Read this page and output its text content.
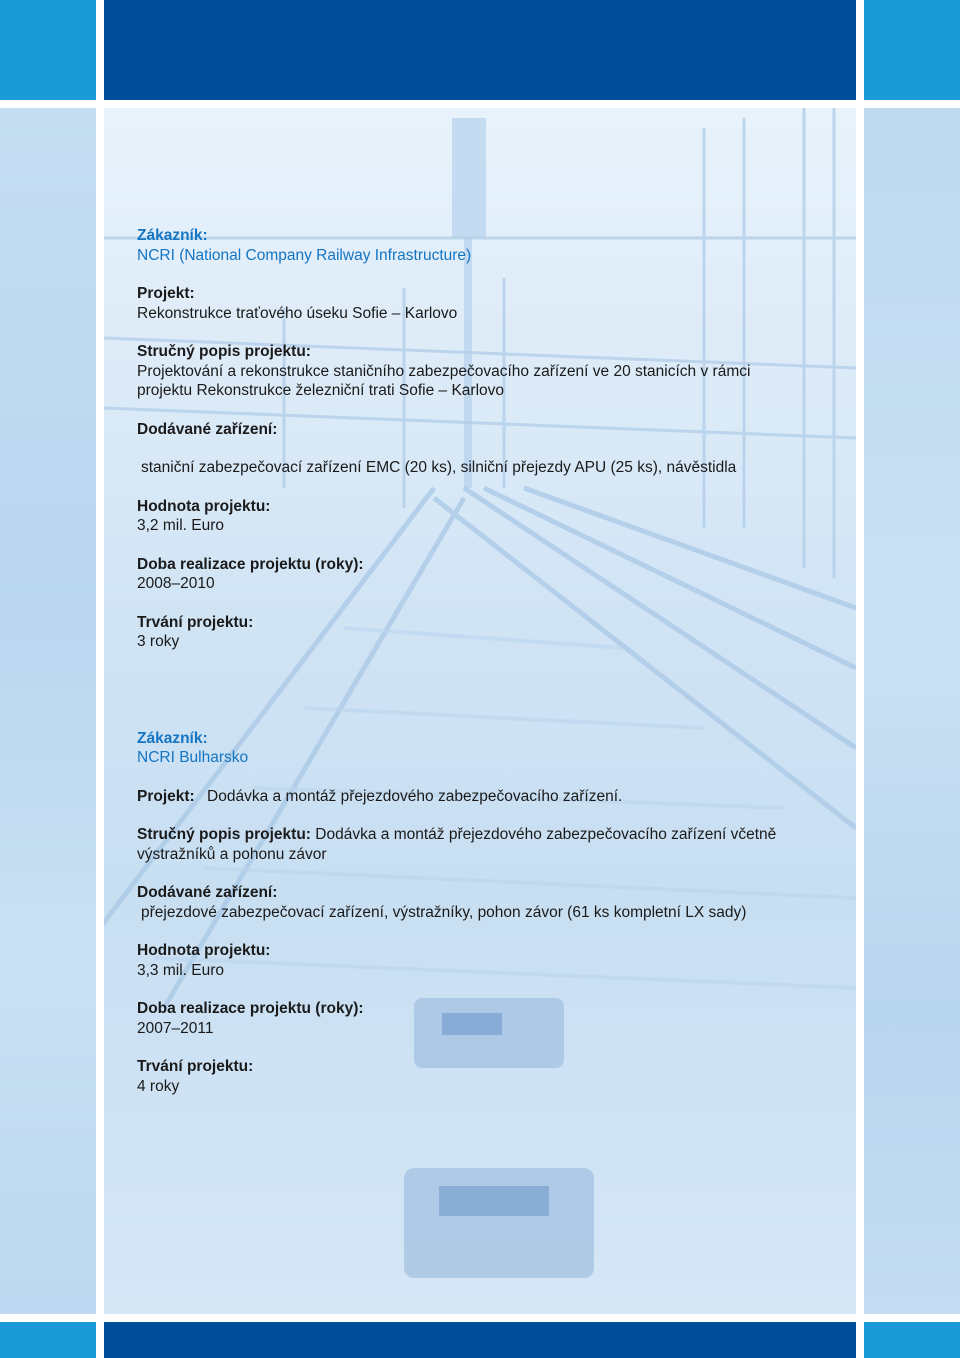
Zákazník:
NCRI (National Company Railway Infrastructure)
Projekt:
Rekonstrukce traťového úseku Sofie – Karlovo
Stručný popis projektu:
Projektování a rekonstrukce staničního zabezpečovacího zařízení ve 20 stanicích v rámci
projektu Rekonstrukce železniční trati Sofie – Karlovo
Dodávané zařízení:
staniční zabezpečovací zařízení EMC (20 ks), silniční přejezdy APU (25 ks), návěstidla
Hodnota projektu:
3,2 mil. Euro
Doba realizace projektu (roky):
2008–2010
Trvání projektu:
3 roky
Zákazník:
NCRI Bulharsko
Projekt: Dodávka a montáž přejezdového zabezpečovacího zařízení.
Stručný popis projektu: Dodávka a montáž přejezdového zabezpečovacího zařízení včetně
výstražníků a pohonu závor
Dodávané zařízení:
přejezdové zabezpečovací zařízení, výstražníky, pohon závor (61 ks kompletní LX sady)
Hodnota projektu:
3,3 mil. Euro
Doba realizace projektu (roky):
2007–2011
Trvání projektu:
4 roky
